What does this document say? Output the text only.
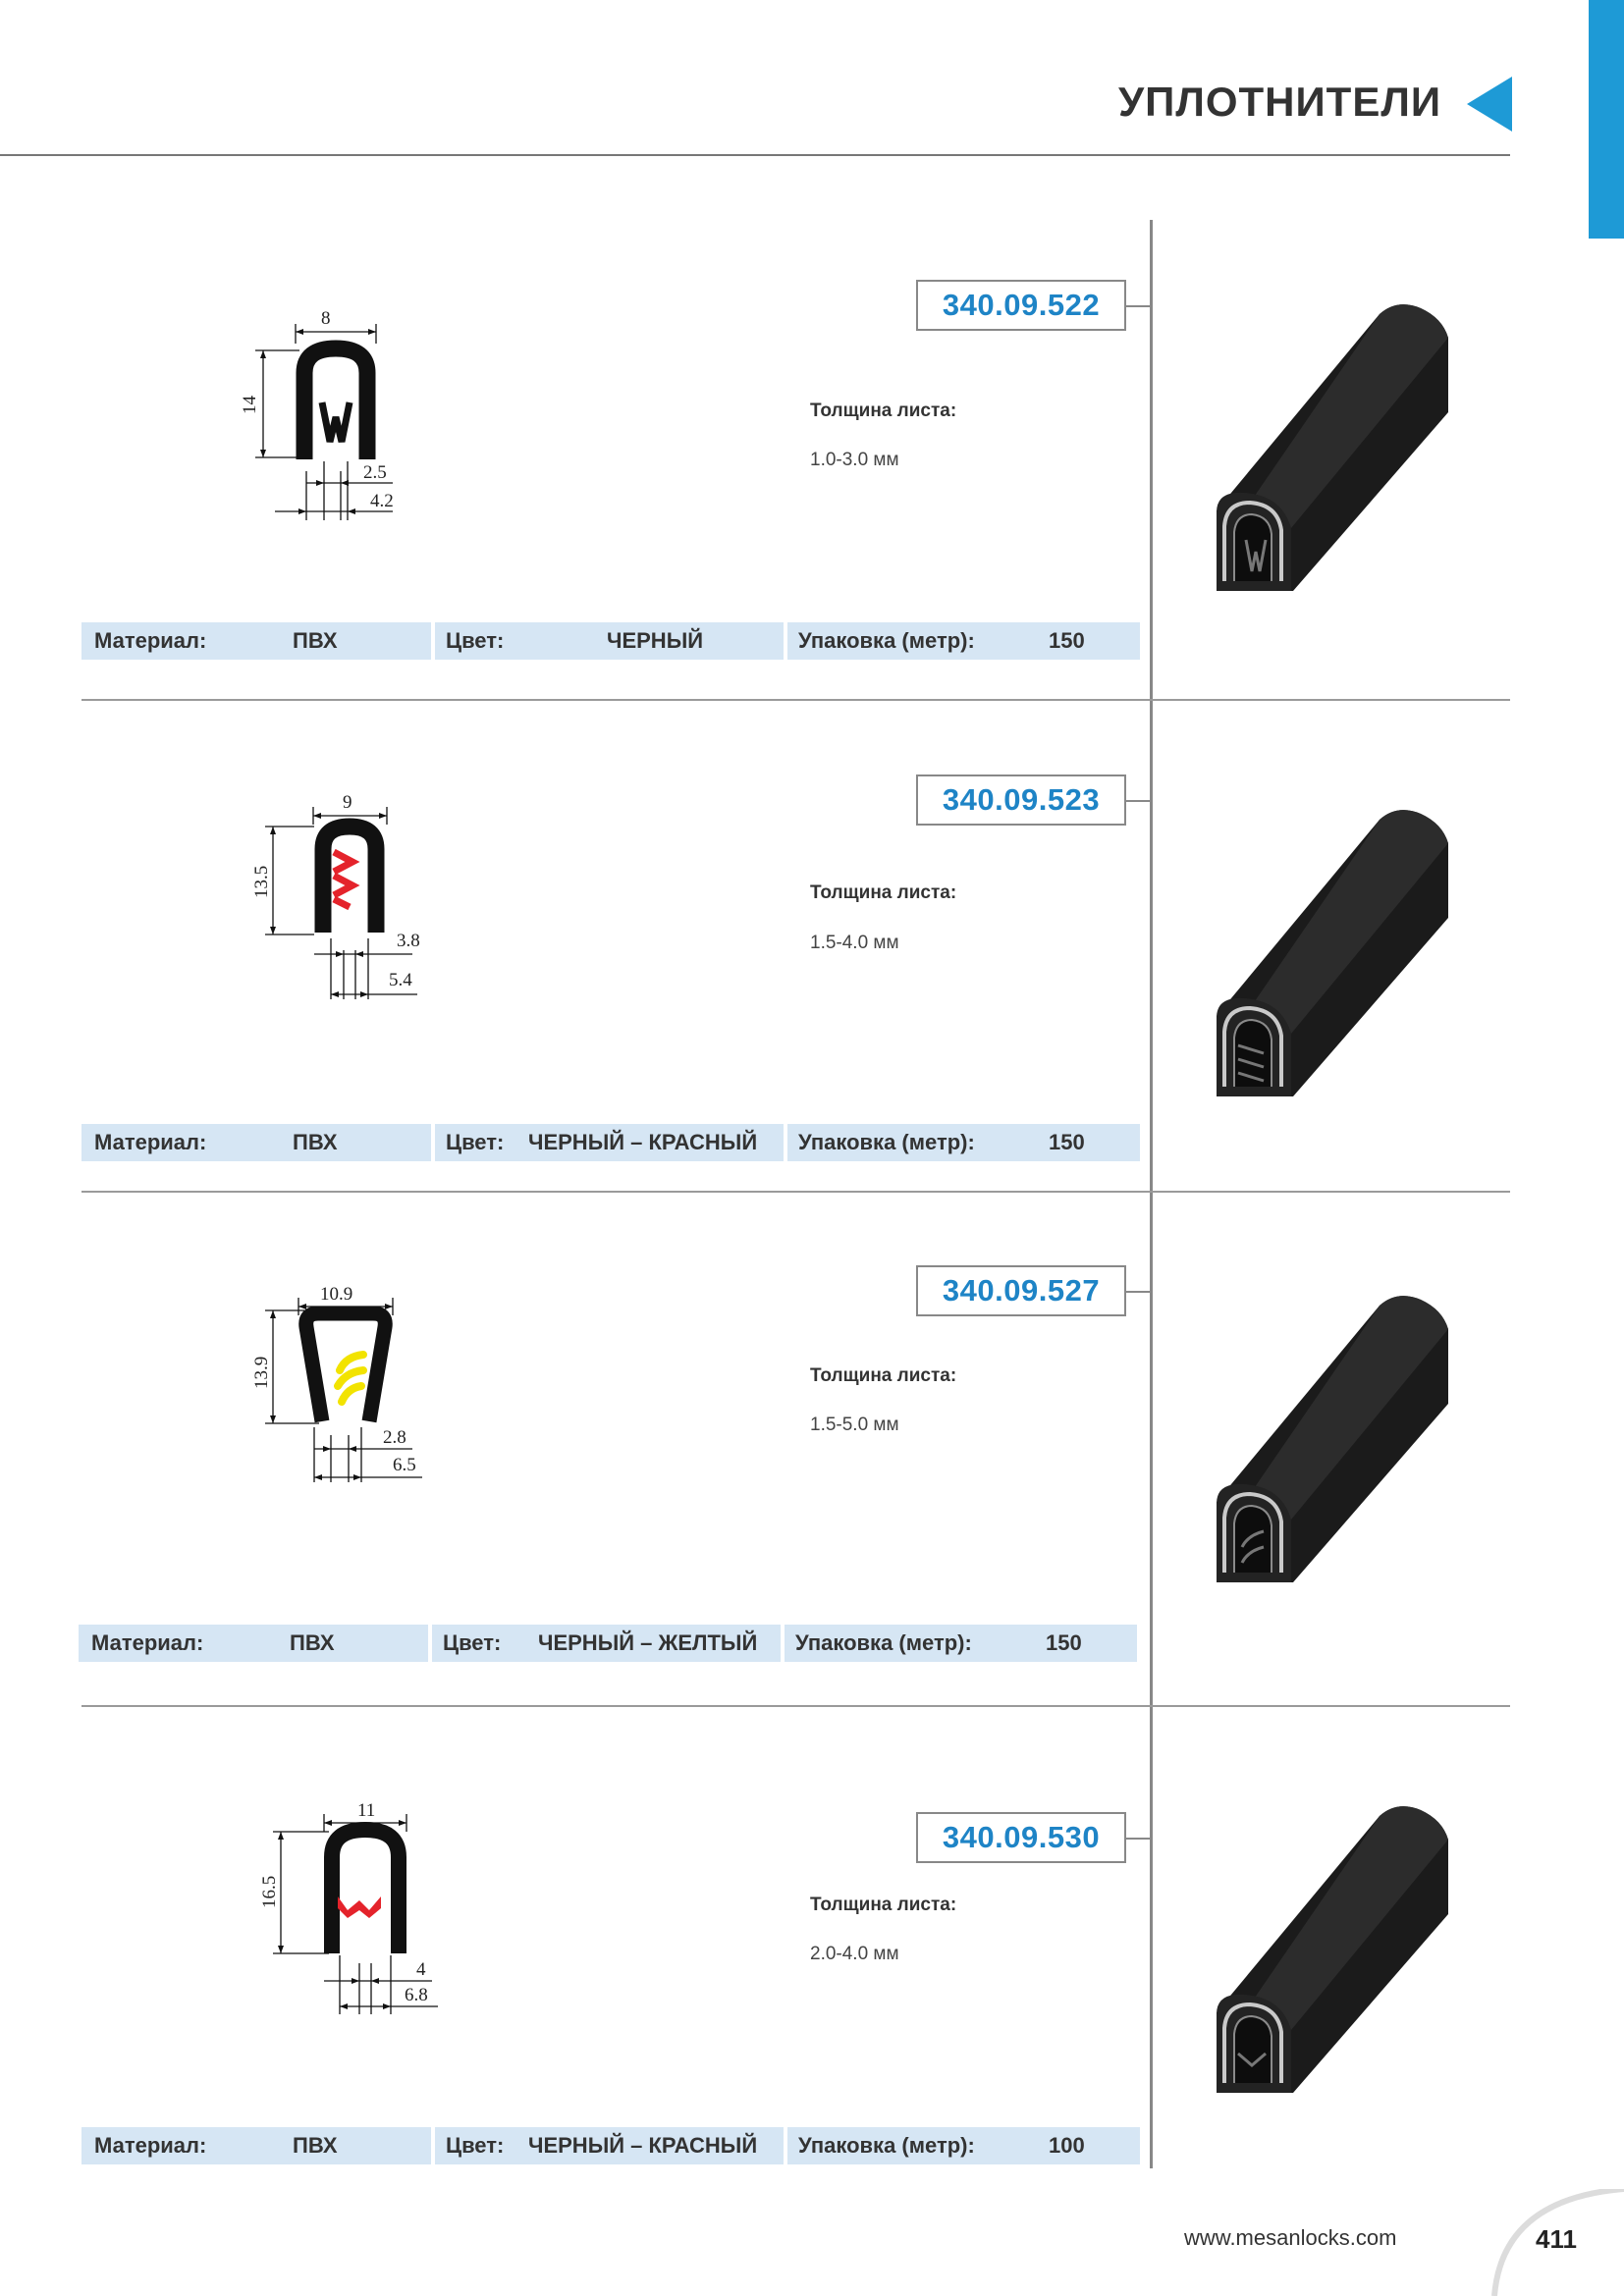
УПЛОТНИТЕЛИ
340.09.522
Толщина листа:
1.0-3.0 мм
8
14
2.5
4.2
Материал:	ПВХ	Цвет:	ЧЕРНЫЙ	Упаковка (метр):	150
340.09.523
Толщина листа:
1.5-4.0 мм
9
13.5
3.8
5.4
Материал:	ПВХ	Цвет: ЧЕРНЫЙ – КРАСНЫЙ Упаковка (метр):	150
340.09.527
Толщина листа:
1.5-5.0 мм
10.9
13.9
2.8
6.5
Материал:	ПВХ	Цвет: ЧЕРНЫЙ – ЖЕЛТЫЙ Упаковка (метр):	150
340.09.530
Толщина листа:
2.0-4.0 мм
11
16.5
4
6.8
Материал:	ПВХ	Цвет: ЧЕРНЫЙ – КРАСНЫЙ Упаковка (метр):	100
www.mesanlocks.com	411
